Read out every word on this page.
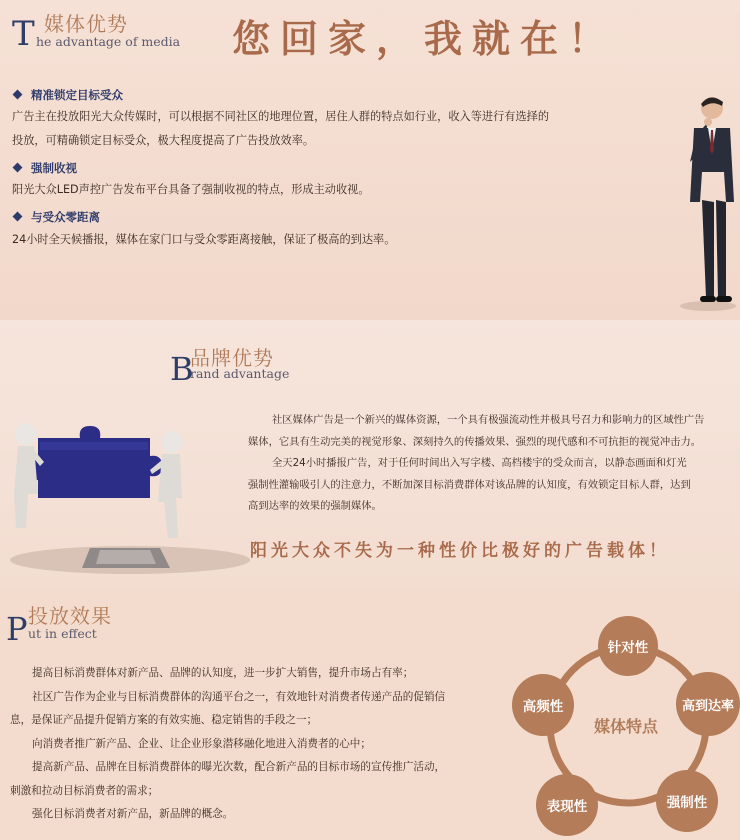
T 媒体优势
he advantage of media 您回家，我就在！
精准锁定目标受众
广告主在投放阳光大众传媒时，可以根据不同社区的地理位置，居住人群的特点如行业，收入等进行有选择的
投放，可精确锁定目标受众，极大程度提高了广告投放效率。
强制收视
阳光大众LED声控广告发布平台具备了强制收视的特点，形成主动收视。
与受众零距离
24小时全天候播报，媒体在家门口与受众零距离接触，保证了极高的到达率。
B
品牌优势
rand advantage
社区媒体广告是一个新兴的媒体资源，一个具有极强流动性并极具号召力和影响力的区域性广告
媒体，它具有生动完美的视觉形象、深刻持久的传播效果、强烈的现代感和不可抗拒的视觉冲击力。
全天24小时播报广告，对于任何时间出入写字楼、高档楼宇的受众而言，以静态画面和灯光
强制性灌输吸引人的注意力，不断加深目标消费群体对该品牌的认知度，有效锁定目标人群，达到
高到达率的效果的强制媒体。
阳光大众不失为一种性价比极好的广告载体！
P 投放效果
ut in effect
提高目标消费群体对新产品、品牌的认知度，进一步扩大销售，提升市场占有率；
社区广告作为企业与目标消费群体的沟通平台之一，有效地针对消费者传递产品的促销信
息，是保证产品提升促销方案的有效实施、稳定销售的手段之一；
向消费者推广新产品、企业、让企业形象潜移融化地进入消费者的心中；
提高新产品、品牌在目标消费群体的曝光次数，配合新产品的目标市场的宣传推广活动，
刺激和拉动目标消费者的需求；
强化目标消费者对新产品，新品牌的概念。
媒体特点
针对性
高到达率
强制性
表现性
高频性
